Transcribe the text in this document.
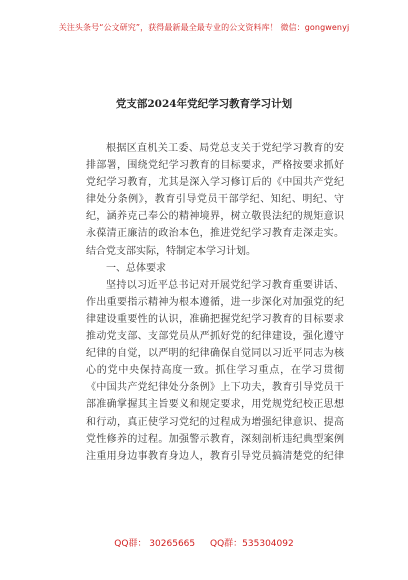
关注头条号“公文研究”，获得最新最全最专业的公文资料库！ 微信：gongwenyj
党支部2024年党纪学习教育学习计划
根据区直机关工委、局党总支关于党纪学习教育的安
排部署，围绕党纪学习教育的目标要求，严格按要求抓好
党纪学习教育，尤其是深入学习修订后的《中国共产党纪
律处分条例》，教育引导党员干部学纪、知纪、明纪、守
纪，涵养克己奉公的精神境界，树立敬畏法纪的规矩意识
永葆清正廉洁的政治本色，推进党纪学习教育走深走实。
结合党支部实际，特制定本学习计划。
一、总体要求
坚持以习近平总书记对开展党纪学习教育重要讲话、
作出重要指示精神为根本遵循，进一步深化对加强党的纪
律建设重要性的认识，准确把握党纪学习教育的目标要求
推动党支部、支部党员从严抓好党的纪律建设，强化遵守
纪律的自觉，以严明的纪律确保自觉同以习近平同志为核
心的党中央保持高度一致。抓住学习重点，在学习贯彻
《中国共产党纪律处分条例》上下功夫，教育引导党员干
部准确掌握其主旨要义和规定要求，用党规党纪校正思想
和行动，真正使学习党纪的过程成为增强纪律意识、提高
党性修养的过程。加强警示教育，深刻剖析违纪典型案例
注重用身边事教育身边人，教育引导党员搞清楚党的纪律
QQ群： 30265665 QQ群：535304092
